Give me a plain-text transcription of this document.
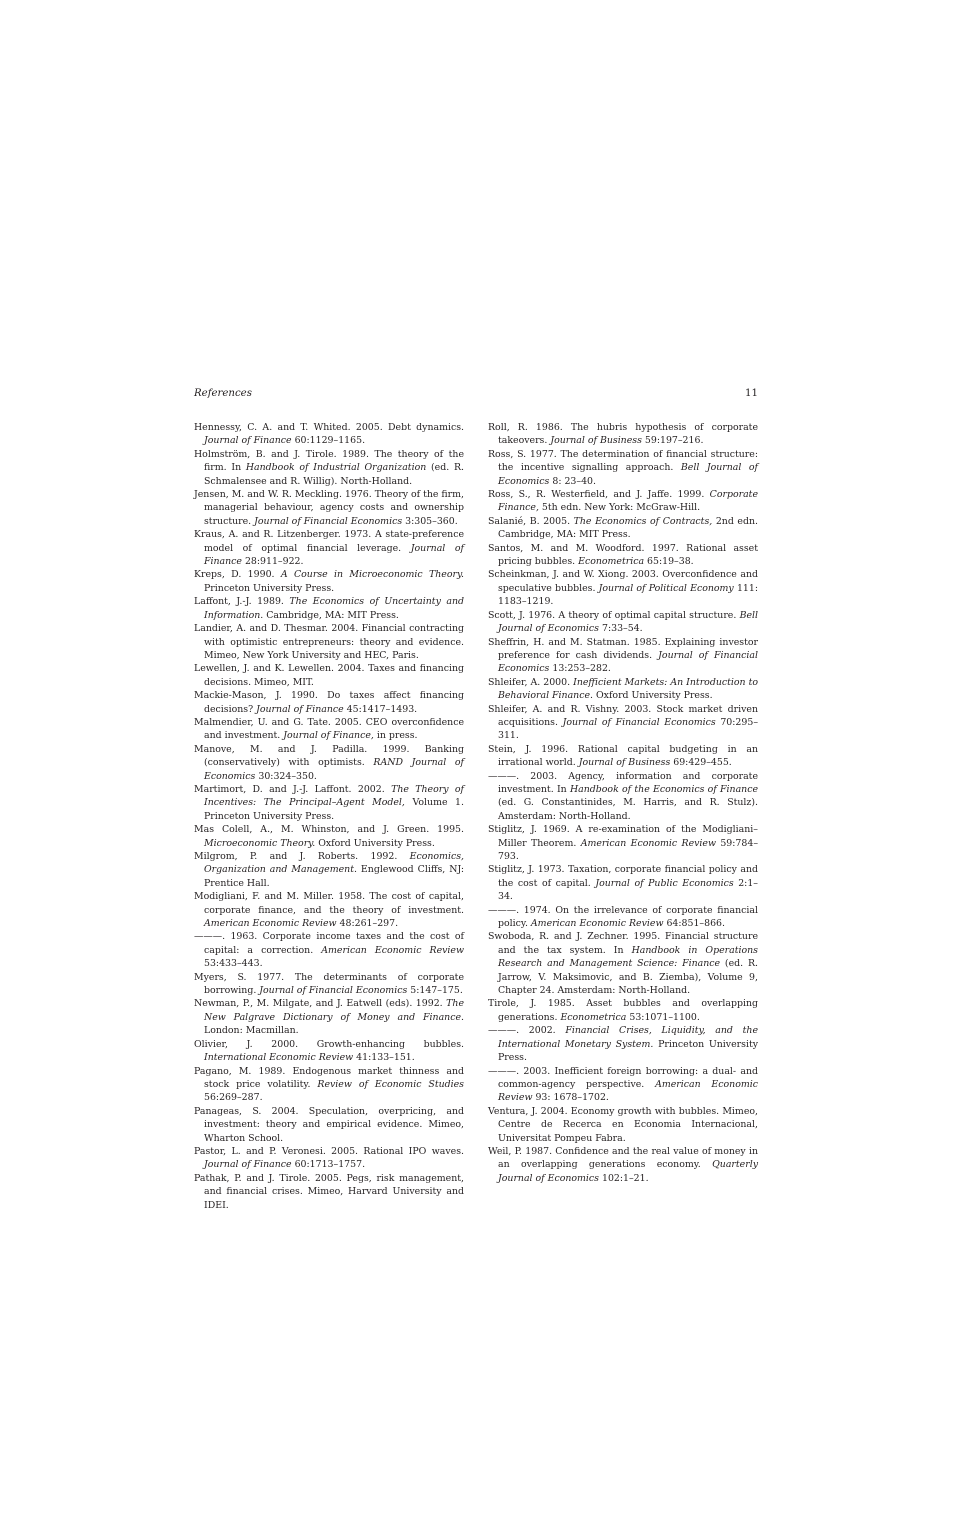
References	11

Hennessy, C. A. and T. Whited. 2005. Debt dynamics. Journal of Finance 60:1129–1165.

Holmström, B. and J. Tirole. 1989. The theory of the firm. In Handbook of Industrial Organization (ed. R. Schmalensee and R. Willig). North-Holland.

Jensen, M. and W. R. Meckling. 1976. Theory of the firm, managerial behaviour, agency costs and ownership structure. Journal of Financial Economics 3:305–360.

Kraus, A. and R. Litzenberger. 1973. A state-preference model of optimal financial leverage. Journal of Finance 28:911–922.

Kreps, D. 1990. A Course in Microeconomic Theory. Princeton University Press.

Laffont, J.-J. 1989. The Economics of Uncertainty and Information. Cambridge, MA: MIT Press.

Landier, A. and D. Thesmar. 2004. Financial contracting with optimistic entrepreneurs: theory and evidence. Mimeo, New York University and HEC, Paris.

Lewellen, J. and K. Lewellen. 2004. Taxes and financing decisions. Mimeo, MIT.

Mackie-Mason, J. 1990. Do taxes affect financing decisions? Journal of Finance 45:1417–1493.

Malmendier, U. and G. Tate. 2005. CEO overconfidence and investment. Journal of Finance, in press.

Manove, M. and J. Padilla. 1999. Banking (conservatively) with optimists. RAND Journal of Economics 30:324–350.

Martimort, D. and J.-J. Laffont. 2002. The Theory of Incentives: The Principal–Agent Model, Volume 1. Princeton University Press.

Mas Colell, A., M. Whinston, and J. Green. 1995. Microeconomic Theory. Oxford University Press.

Milgrom, P. and J. Roberts. 1992. Economics, Organization and Management. Englewood Cliffs, NJ: Prentice Hall.

Modigliani, F. and M. Miller. 1958. The cost of capital, corporate finance, and the theory of investment. American Economic Review 48:261–297.

———. 1963. Corporate income taxes and the cost of capital: a correction. American Economic Review 53:433–443.

Myers, S. 1977. The determinants of corporate borrowing. Journal of Financial Economics 5:147–175.

Newman, P., M. Milgate, and J. Eatwell (eds). 1992. The New Palgrave Dictionary of Money and Finance. London: Macmillan.

Olivier, J. 2000. Growth-enhancing bubbles. International Economic Review 41:133–151.

Pagano, M. 1989. Endogenous market thinness and stock price volatility. Review of Economic Studies 56:269–287.

Panageas, S. 2004. Speculation, overpricing, and investment: theory and empirical evidence. Mimeo, Wharton School.

Pastor, L. and P. Veronesi. 2005. Rational IPO waves. Journal of Finance 60:1713–1757.

Pathak, P. and J. Tirole. 2005. Pegs, risk management, and financial crises. Mimeo, Harvard University and IDEI.

Roll, R. 1986. The hubris hypothesis of corporate takeovers. Journal of Business 59:197–216.

Ross, S. 1977. The determination of financial structure: the incentive signalling approach. Bell Journal of Economics 8: 23–40.

Ross, S., R. Westerfield, and J. Jaffe. 1999. Corporate Finance, 5th edn. New York: McGraw-Hill.

Salanié, B. 2005. The Economics of Contracts, 2nd edn. Cambridge, MA: MIT Press.

Santos, M. and M. Woodford. 1997. Rational asset pricing bubbles. Econometrica 65:19–38.

Scheinkman, J. and W. Xiong. 2003. Overconfidence and speculative bubbles. Journal of Political Economy 111: 1183–1219.

Scott, J. 1976. A theory of optimal capital structure. Bell Journal of Economics 7:33–54.

Sheffrin, H. and M. Statman. 1985. Explaining investor preference for cash dividends. Journal of Financial Economics 13:253–282.

Shleifer, A. 2000. Inefficient Markets: An Introduction to Behavioral Finance. Oxford University Press.

Shleifer, A. and R. Vishny. 2003. Stock market driven acquisitions. Journal of Financial Economics 70:295–311.

Stein, J. 1996. Rational capital budgeting in an irrational world. Journal of Business 69:429–455.

———. 2003. Agency, information and corporate investment. In Handbook of the Economics of Finance (ed. G. Constantinides, M. Harris, and R. Stulz). Amsterdam: North-Holland.

Stiglitz, J. 1969. A re-examination of the Modigliani–Miller Theorem. American Economic Review 59:784–793.

Stiglitz, J. 1973. Taxation, corporate financial policy and the cost of capital. Journal of Public Economics 2:1–34.

———. 1974. On the irrelevance of corporate financial policy. American Economic Review 64:851–866.

Swoboda, R. and J. Zechner. 1995. Financial structure and the tax system. In Handbook in Operations Research and Management Science: Finance (ed. R. Jarrow, V. Maksimovic, and B. Ziemba), Volume 9, Chapter 24. Amsterdam: North-Holland.

Tirole, J. 1985. Asset bubbles and overlapping generations. Econometrica 53:1071–1100.

———. 2002. Financial Crises, Liquidity, and the International Monetary System. Princeton University Press.

———. 2003. Inefficient foreign borrowing: a dual- and common-agency perspective. American Economic Review 93: 1678–1702.

Ventura, J. 2004. Economy growth with bubbles. Mimeo, Centre de Recerca en Economia Internacional, Universitat Pompeu Fabra.

Weil, P. 1987. Confidence and the real value of money in an overlapping generations economy. Quarterly Journal of Economics 102:1–21.
